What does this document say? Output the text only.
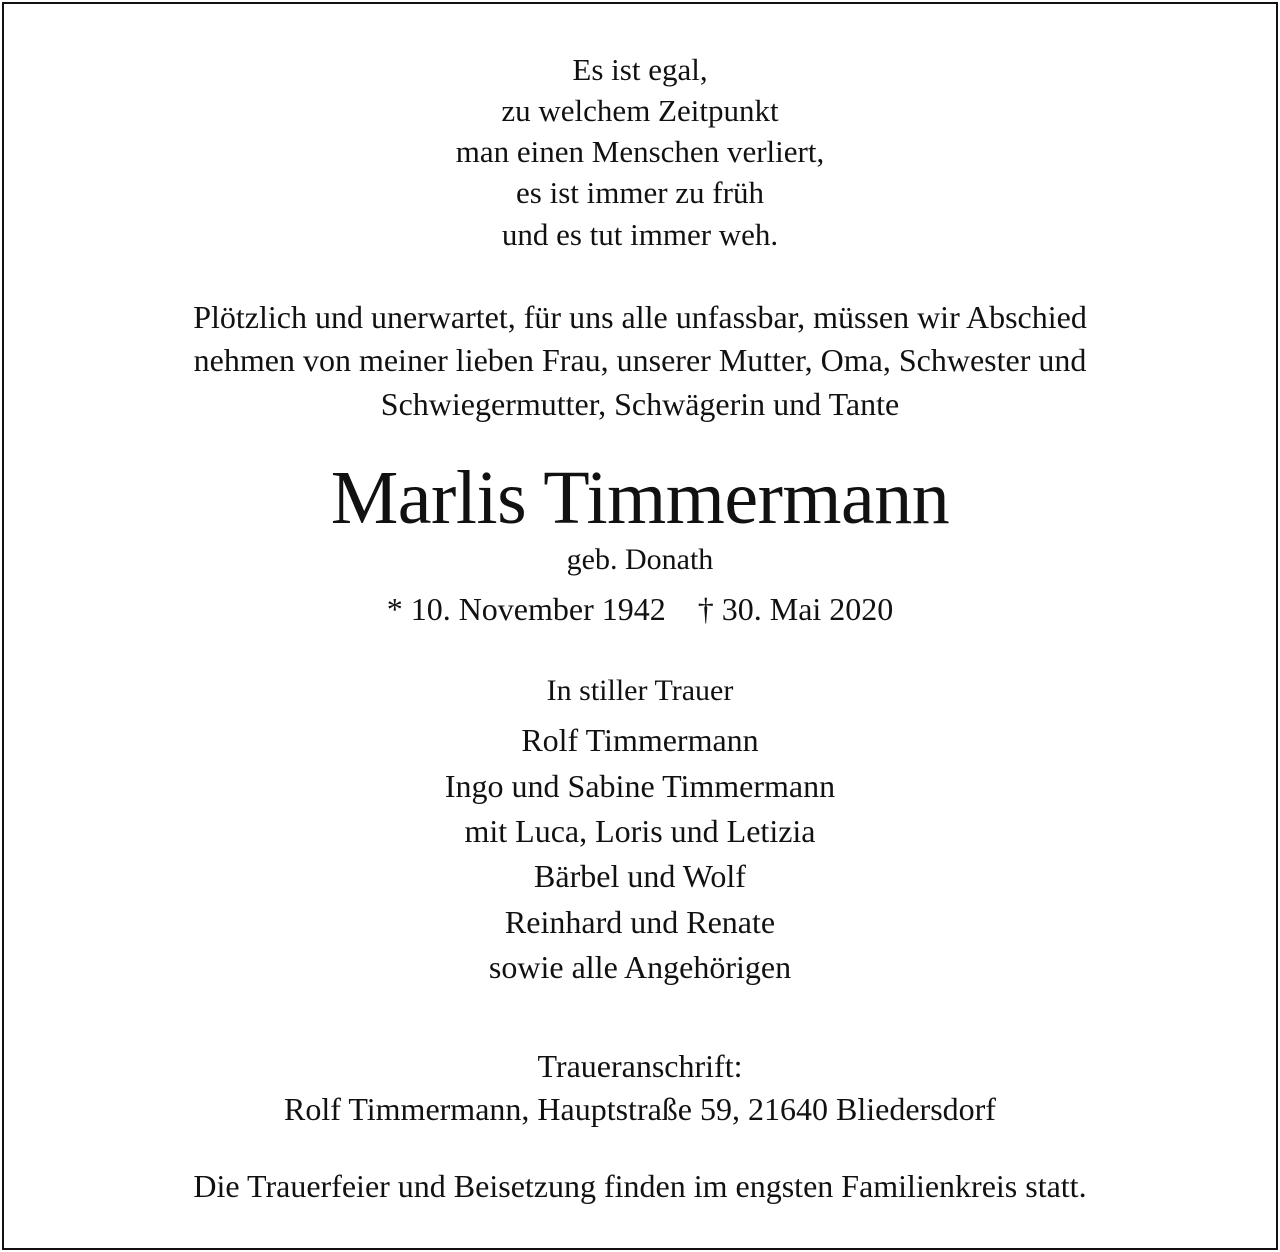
Es ist egal,
zu welchem Zeitpunkt
man einen Menschen verliert,
es ist immer zu früh
und es tut immer weh.
Plötzlich und unerwartet, für uns alle unfassbar, müssen wir Abschied
nehmen von meiner lieben Frau, unserer Mutter, Oma, Schwester und
Schwiegermutter, Schwägerin und Tante
Marlis Timmermann
geb. Donath
* 10. November 1942 † 30. Mai 2020
In stiller Trauer
Rolf Timmermann
Ingo und Sabine Timmermann
mit Luca, Loris und Letizia
Bärbel und Wolf
Reinhard und Renate
sowie alle Angehörigen
Traueranschrift:
Rolf Timmermann, Hauptstraße 59, 21640 Bliedersdorf
Die Trauerfeier und Beisetzung finden im engsten Familienkreis statt.
